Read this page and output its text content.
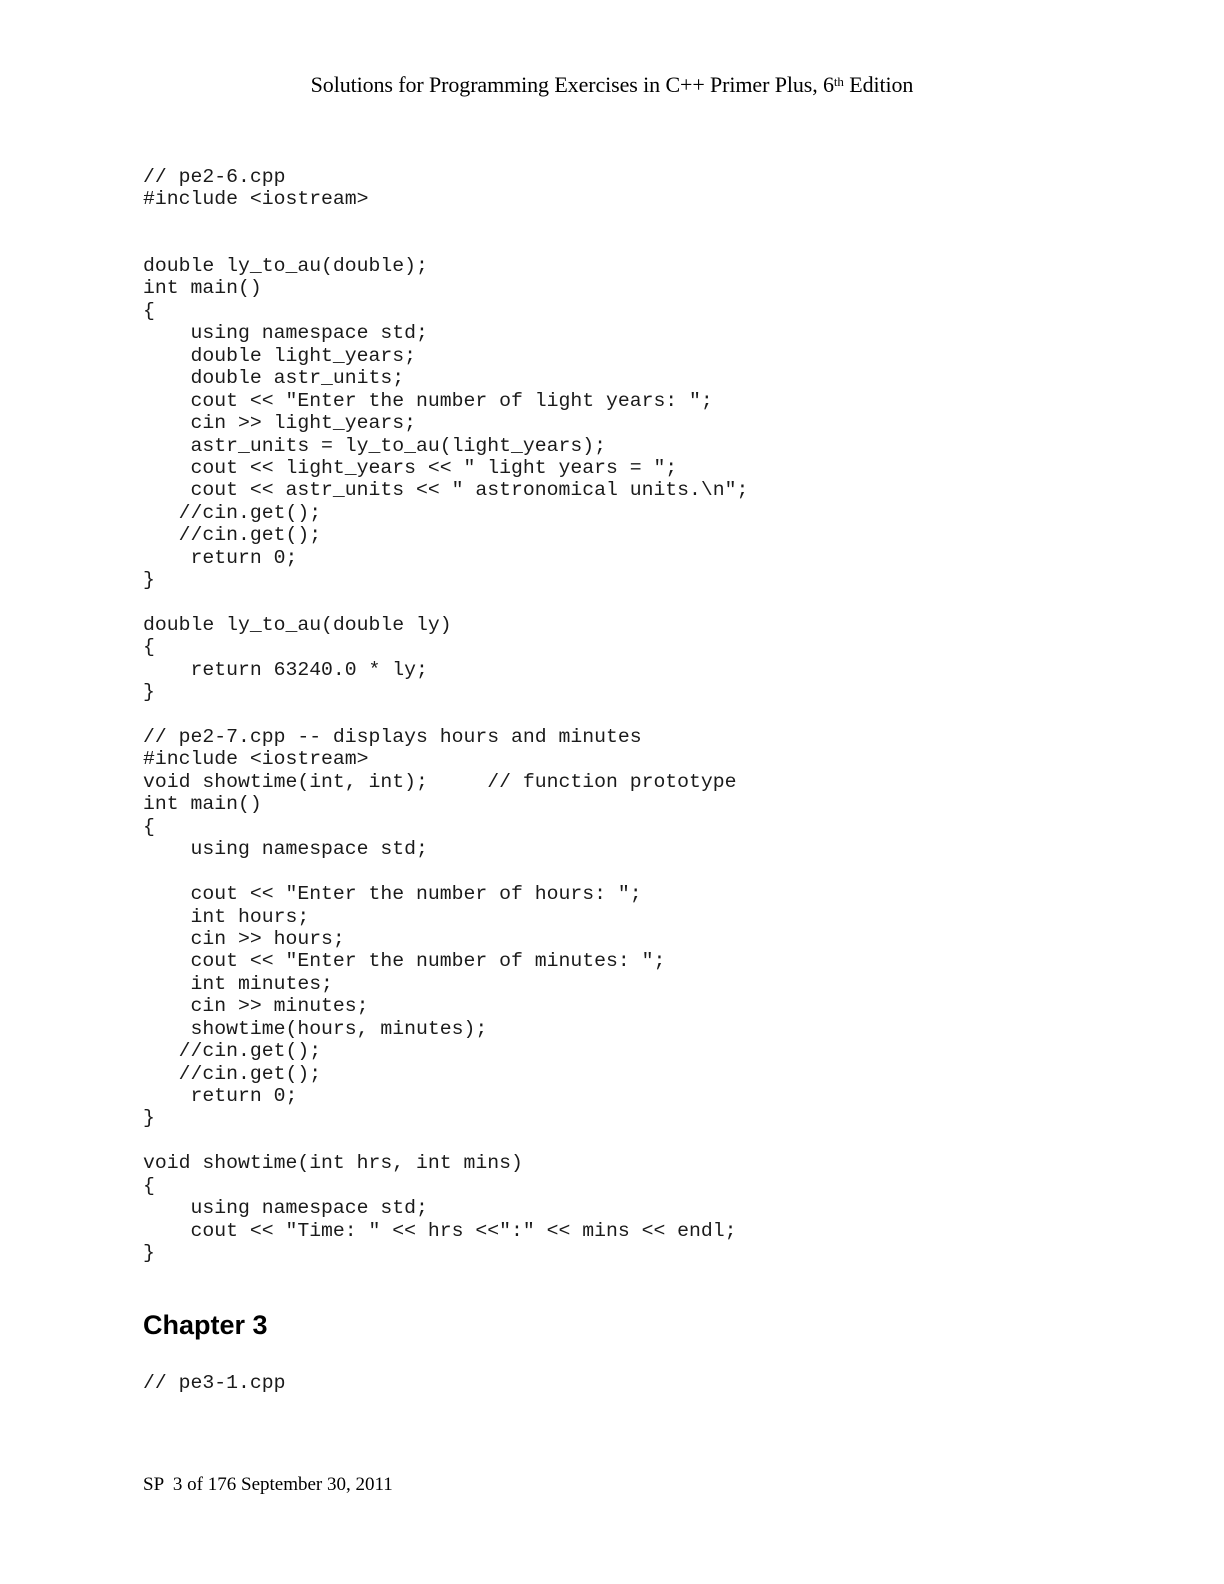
Solutions for Programming Exercises in C++ Primer Plus, 6th Edition
// pe2-6.cpp
#include <iostream>
double ly_to_au(double);
int main()
{
using namespace std;
double light_years;
double astr_units;
cout << "Enter the number of light years: ";
cin >> light_years;
astr_units = ly_to_au(light_years);
cout << light_years << " light years = ";
cout << astr_units << " astronomical units.\n";
//cin.get();
//cin.get();
return 0;
}
double ly_to_au(double ly)
{
return 63240.0 * ly;
}
// pe2-7.cpp -- displays hours and minutes
#include <iostream>
void showtime(int, int);     // function prototype
int main()
{
using namespace std;
cout << "Enter the number of hours: ";
int hours;
cin >> hours;
cout << "Enter the number of minutes: ";
int minutes;
cin >> minutes;
showtime(hours, minutes);
//cin.get();
//cin.get();
return 0;
}
void showtime(int hrs, int mins)
{
using namespace std;
cout << "Time: " << hrs <<":" << mins << endl;
}
Chapter 3
// pe3-1.cpp
SP  3 of 176 September 30, 2011
